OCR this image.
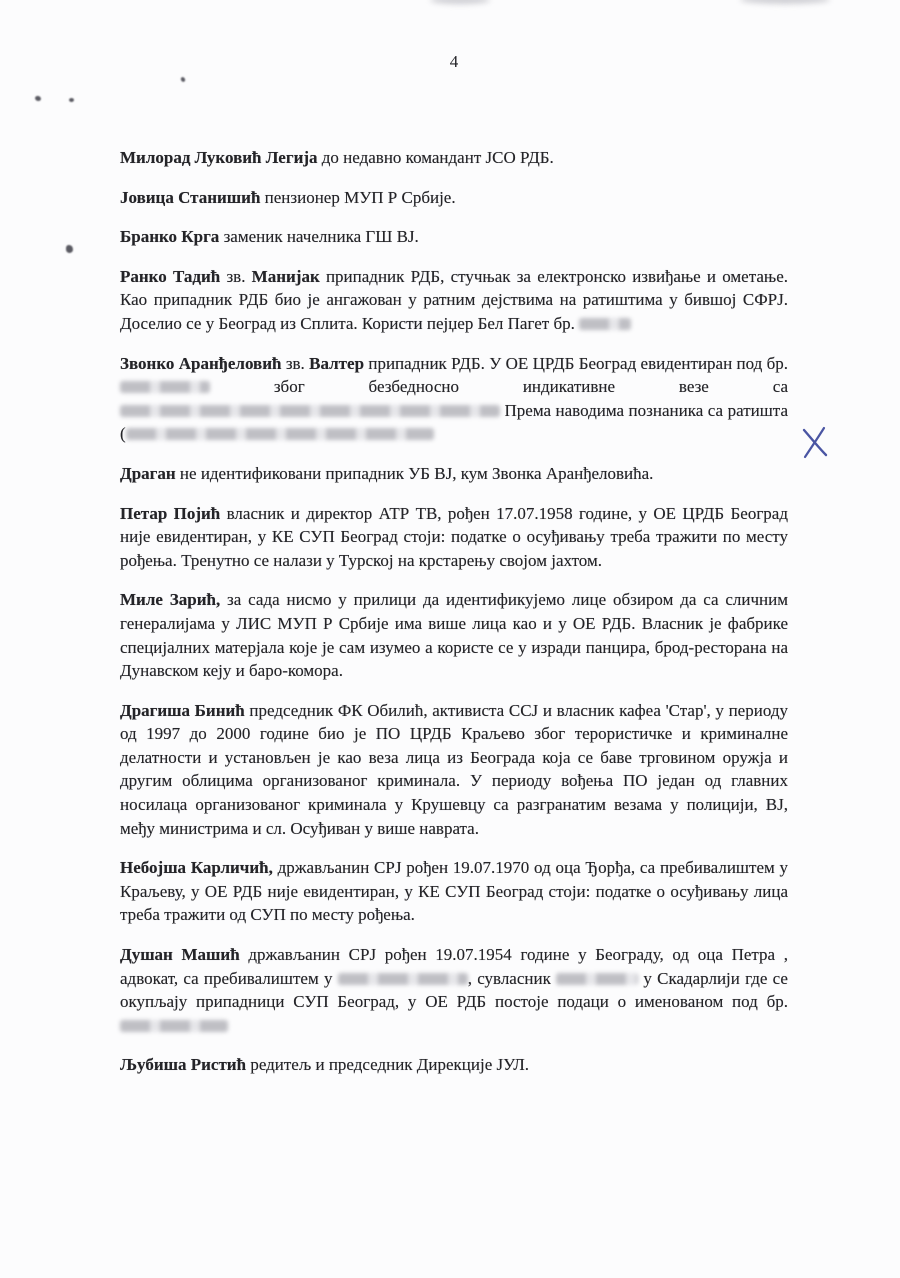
4

Милорад Луковић Легија до недавно командант ЈСО РДБ.

Јовица Станишић пензионер МУП Р Србије.

Бранко Крга заменик начелника ГШ ВЈ.

Ранко Тадић зв. Манијак припадник РДБ, стучњак за електронско извиђање и ометање. Као припадник РДБ био је ангажован у ратним дејствима на ратиштима у бившој СФРЈ. Доселио се у Београд из Сплита. Користи пејџер Бел Пагет бр.

Звонко Аранђеловић зв. Валтер припадник РДБ. У ОЕ ЦРДБ Београд евидентиран под бр.  због безбедносно индикативне везе са  Према наводима познаника са ратишта (

Драган не идентификовани припадник УБ ВЈ, кум Звонка Аранђеловића.

Петар Појић власник и директор АТР ТВ, рођен 17.07.1958 године, у ОЕ ЦРДБ Београд није евидентиран, у КЕ СУП Београд стоји: податке о осуђивању треба тражити по месту рођења. Тренутно се налази у Турској на крстарењу својом јахтом.

Миле Зарић, за сада нисмо у прилици да идентификујемо лице обзиром да са сличним генералијама у ЛИС МУП Р Србије има више лица као и у ОЕ РДБ. Власник је фабрике специјалних матерјала које је сам изумео а користе се у изради панцира, брод-ресторана на Дунавском кеју и баро-комора.

Драгиша Бинић председник ФК Обилић, активиста ССЈ и власник кафеа 'Стар', у периоду од 1997 до 2000 године био је ПО ЦРДБ Краљево због терористичке и криминалне делатности и установљен је као веза лица из Београда која се баве трговином оружја и другим облицима организованог криминала. У периоду вођења ПО један од главних носилаца организованог криминала у Крушевцу са разгранатим везама у полицији, ВЈ, међу министрима и сл. Осуђиван у више наврата.

Небојша Карличић, држављанин СРЈ рођен 19.07.1970 од оца Ђорђа, са пребивалиштем у Краљеву, у ОЕ РДБ није евидентиран, у КЕ СУП Београд стоји: податке о осуђивању лица треба тражити од СУП по месту рођења.

Душан Машић држављанин СРЈ рођен 19.07.1954 године у Београду, од оца Петра , адвокат, са пребивалиштем у	, сувласник	у Скадарлији где се окупљају припадници СУП Београд, у ОЕ РДБ постоје подаци о именованом под бр.

Љубиша Ристић редитељ и председник Дирекције ЈУЛ.
